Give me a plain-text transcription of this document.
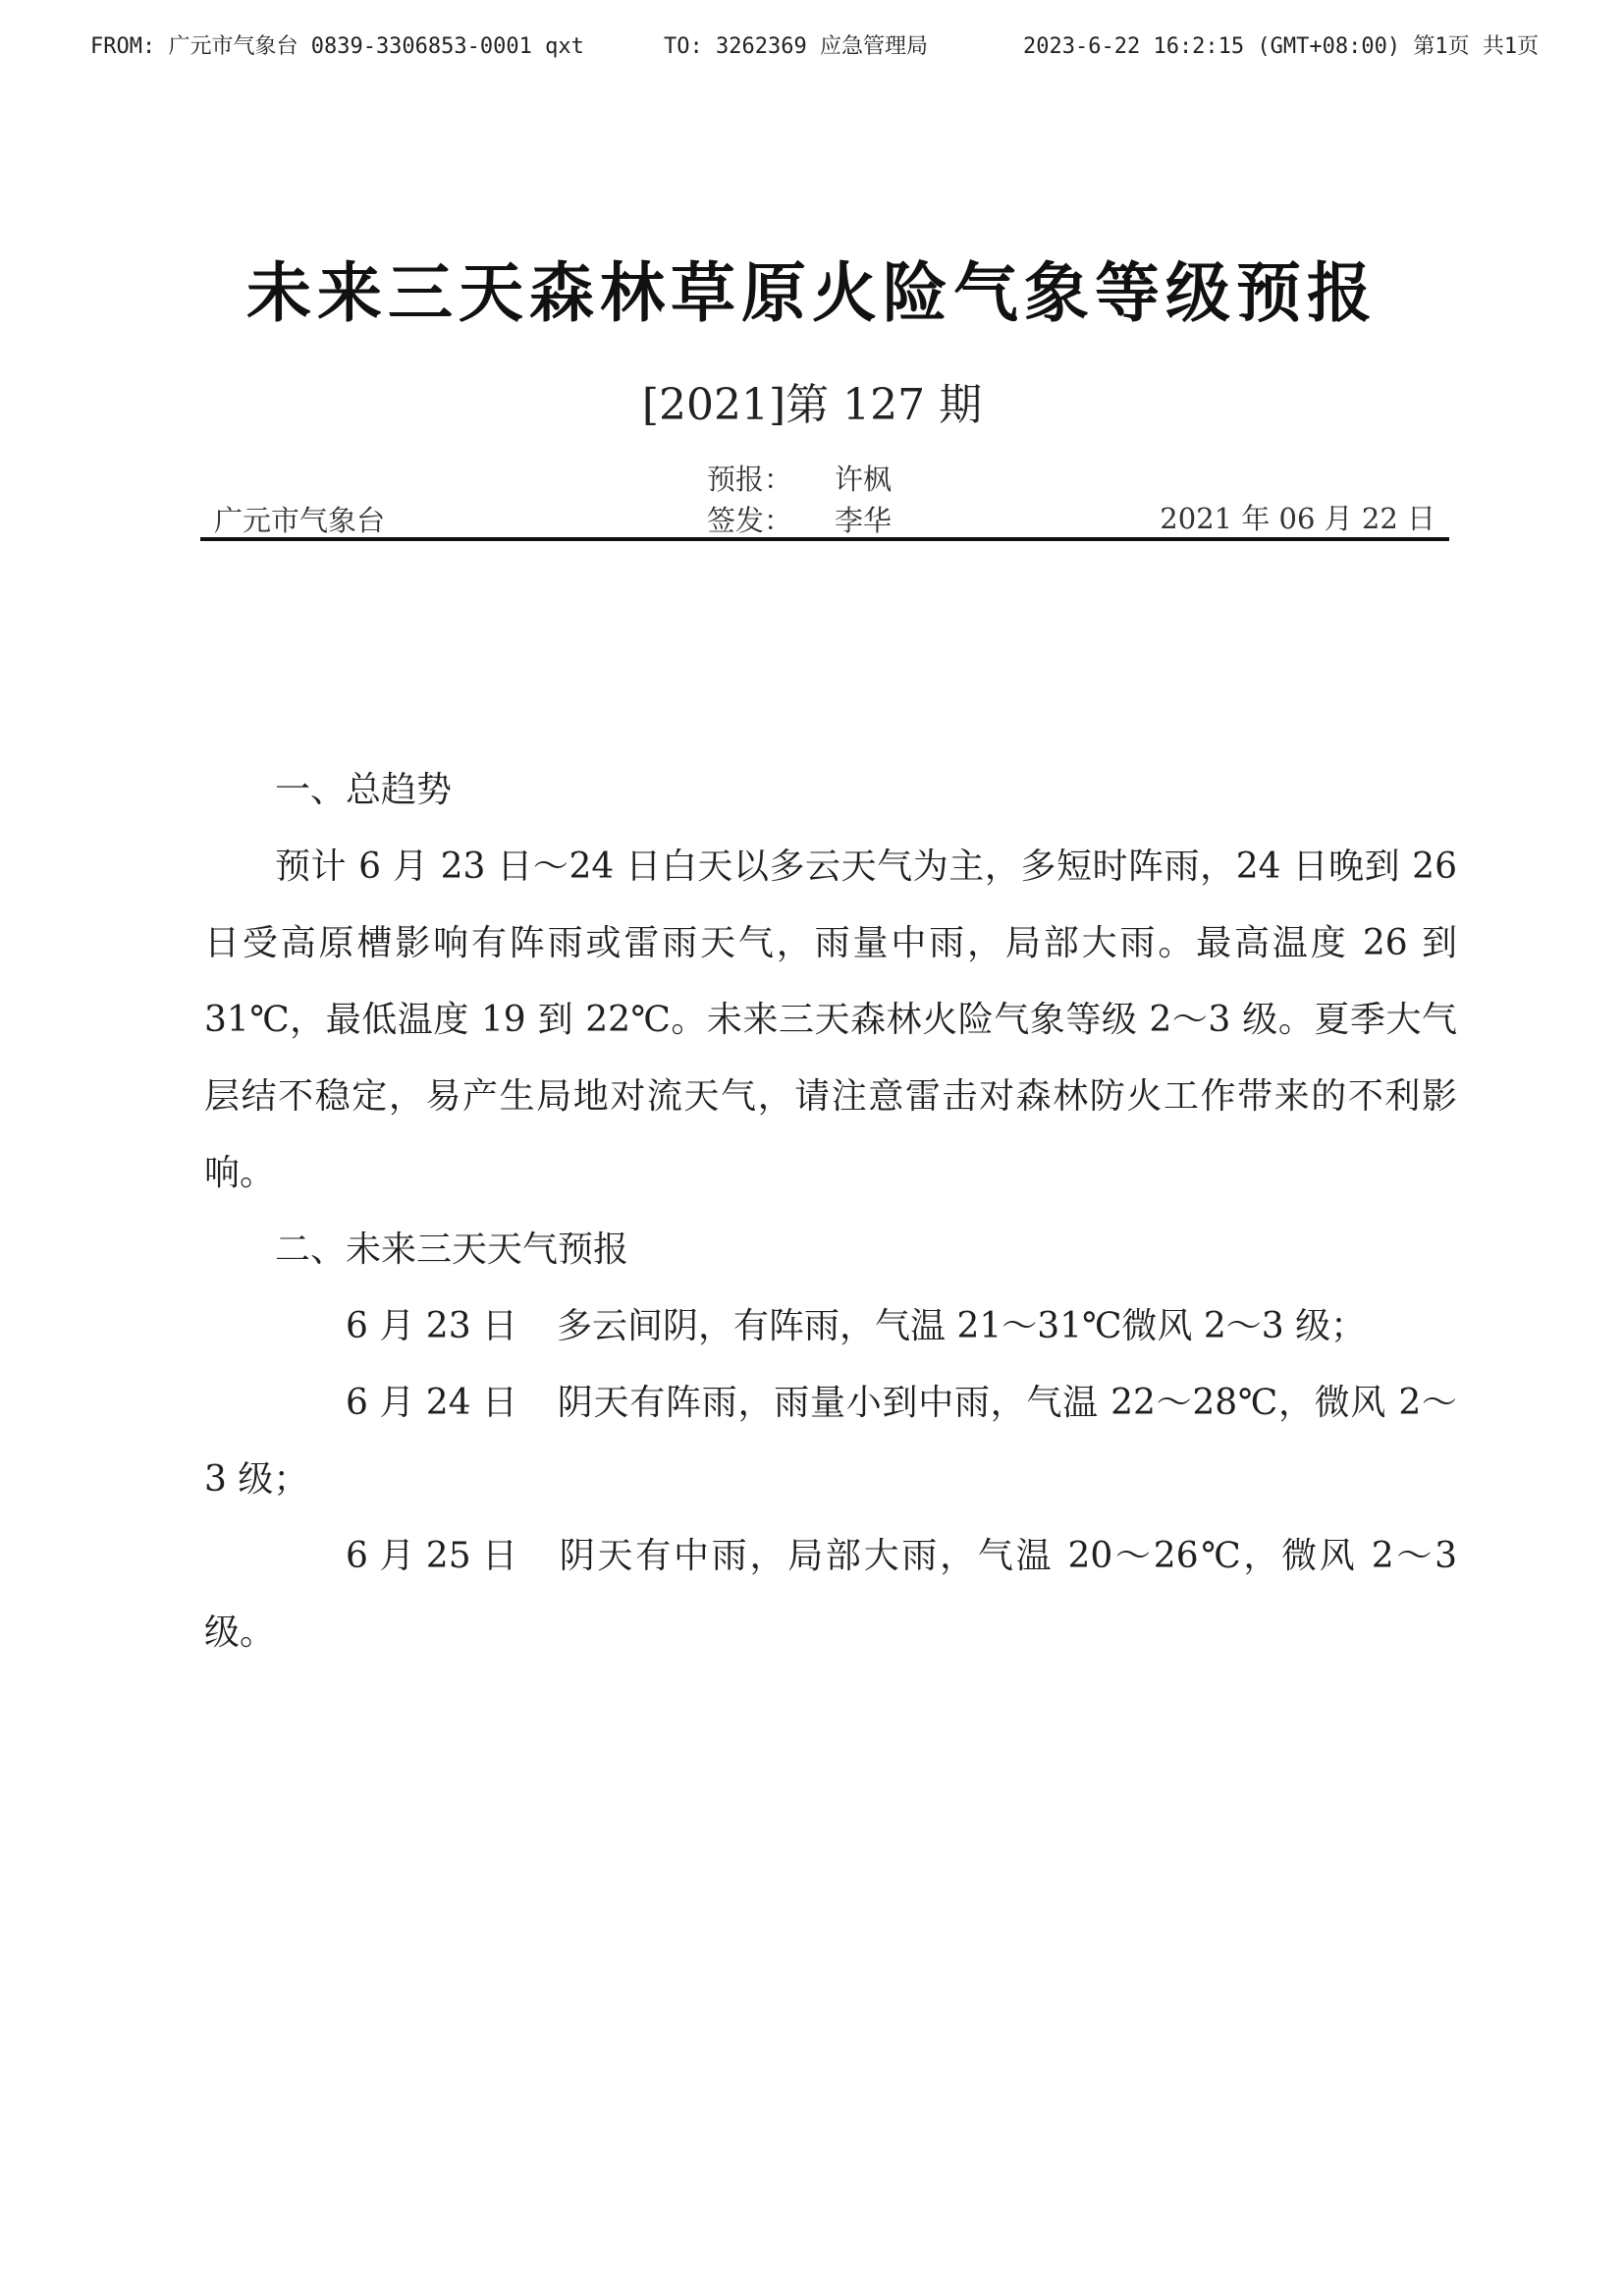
FROM: 广元市气象台 0839-3306853-0001 qxt	TO: 3262369 应急管理局	2023-6-22 16:2:15 (GMT+08:00) 第1页 共1页
未来三天森林草原火险气象等级预报
[2021]第 127 期
预报： 许枫
签发： 李华
广元市气象台	2021 年 06 月 22 日

一、总趋势

预计 6 月 23 日～24 日白天以多云天气为主，多短时阵雨，24 日晚到 26 日受高原槽影响有阵雨或雷雨天气，雨量中雨，局部大雨。最高温度 26 到 31℃，最低温度 19 到 22℃。未来三天森林火险气象等级 2～3 级。夏季大气层结不稳定，易产生局地对流天气，请注意雷击对森林防火工作带来的不利影响。

二、未来三天天气预报

6 月 23 日 多云间阴，有阵雨，气温 21～31℃微风 2～3 级；

6 月 24 日 阴天有阵雨，雨量小到中雨，气温 22～28℃，微风 2～3 级；

6 月 25 日 阴天有中雨，局部大雨，气温 20～26℃，微风 2～3 级。
